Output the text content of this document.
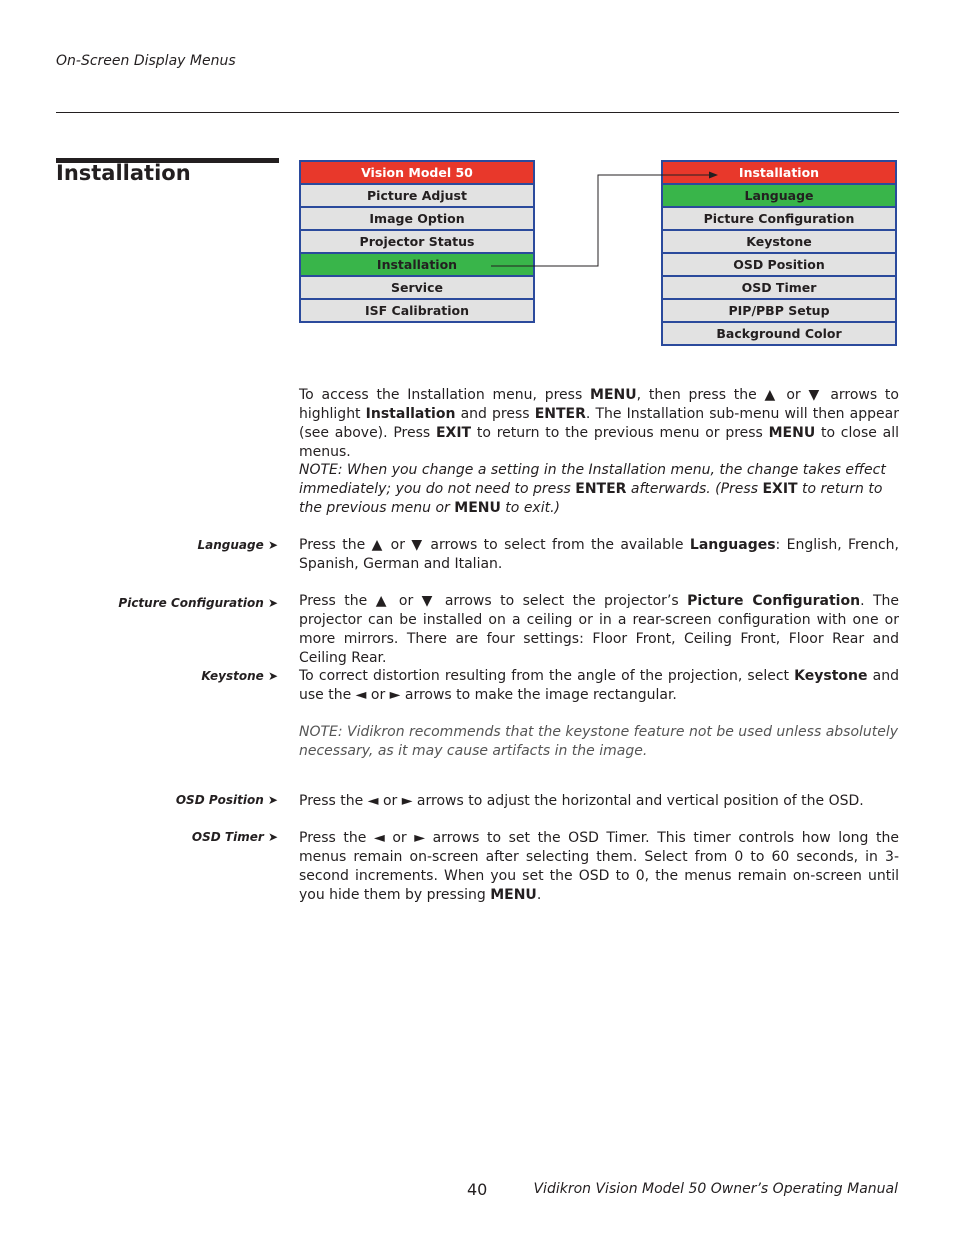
On-Screen Display Menus
Installation	Vision Model 50
Picture Adjust
Image Option
Projector Status
Installation
Service
ISF Calibration
Installation
Language
Picture Configuration
Keystone
OSD Position
OSD Timer
PIP/PBP Setup
Background Color
To access the Installation menu, press MENU, then press the ▲ or ▼ arrows to highlight Installation and press ENTER. The Installation sub-menu will then appear (see above). Press EXIT to return to the previous menu or press MENU to close all menus.
NOTE: When you change a setting in the Installation menu, the change takes effect immediately; you do not need to press ENTER afterwards. (Press EXIT to return to the previous menu or MENU to exit.)
Language ➤ Press the ▲ or ▼ arrows to select from the available Languages: English, French, Spanish, German and Italian.
Picture Configuration ➤ Press the ▲ or ▼ arrows to select the projector’s Picture Configuration. The projector can be installed on a ceiling or in a rear-screen configuration with one or more mirrors. There are four settings: Floor Front, Ceiling Front, Floor Rear and Ceiling Rear.
Keystone ➤ To correct distortion resulting from the angle of the projection, select Keystone and use the ◄ or ► arrows to make the image rectangular.
NOTE: Vidikron recommends that the keystone feature not be used unless absolutely necessary, as it may cause artifacts in the image.
OSD Position ➤ Press the ◄ or ► arrows to adjust the horizontal and vertical position of the OSD.
OSD Timer ➤ Press the ◄ or ► arrows to set the OSD Timer. This timer controls how long the menus remain on-screen after selecting them. Select from 0 to 60 seconds, in 3-second increments. When you set the OSD to 0, the menus remain on-screen until you hide them by pressing MENU.
40	Vidikron Vision Model 50 Owner’s Operating Manual
